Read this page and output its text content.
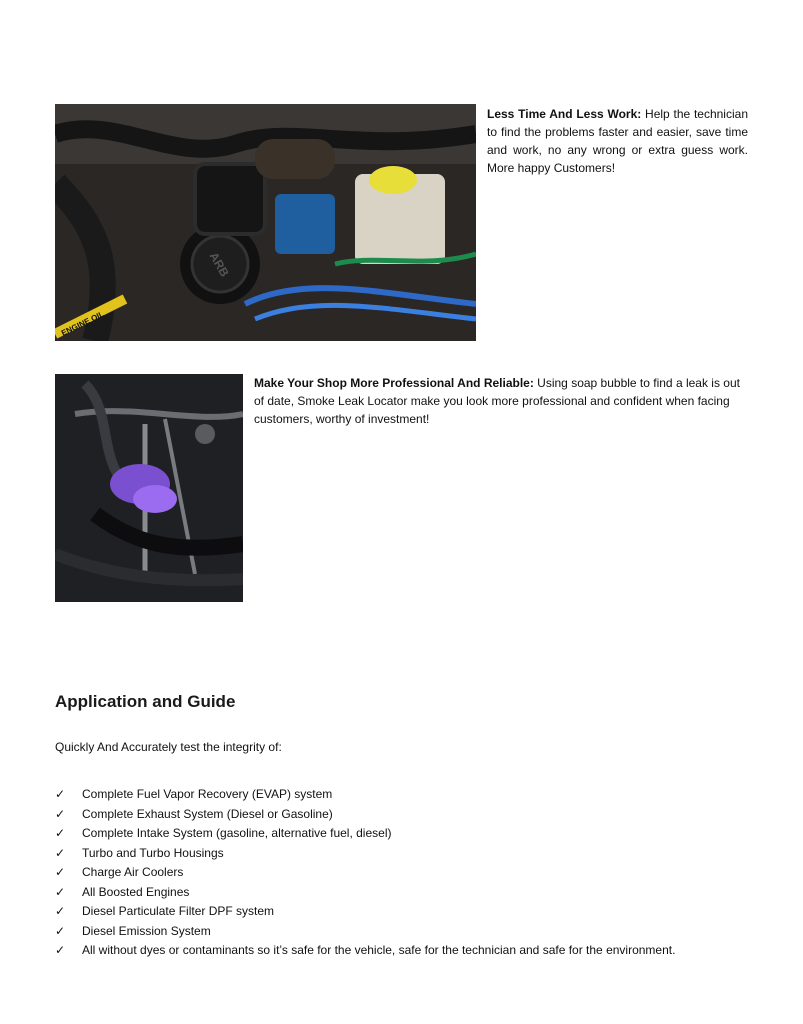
ARB
ENGINE OIL
Less Time And Less Work: Help the technician to find the problems faster and easier, save time and work, no any wrong or extra guess work. More happy Customers!
Make Your Shop More Professional And Reliable: Using soap bubble to find a leak is out of date, Smoke Leak Locator make you look more professional and confident when facing customers, worthy of investment!
Application and Guide
Quickly And Accurately test the integrity of:
✓	Complete Fuel Vapor Recovery (EVAP) system
✓	Complete Exhaust System (Diesel or Gasoline)
✓	Complete Intake System (gasoline, alternative fuel, diesel)
✓	Turbo and Turbo Housings
✓	Charge Air Coolers
✓	All Boosted Engines
✓	Diesel Particulate Filter DPF system
✓	Diesel Emission System
✓ All without dyes or contaminants so it’s safe for the vehicle, safe for the technician and safe for the environment.
